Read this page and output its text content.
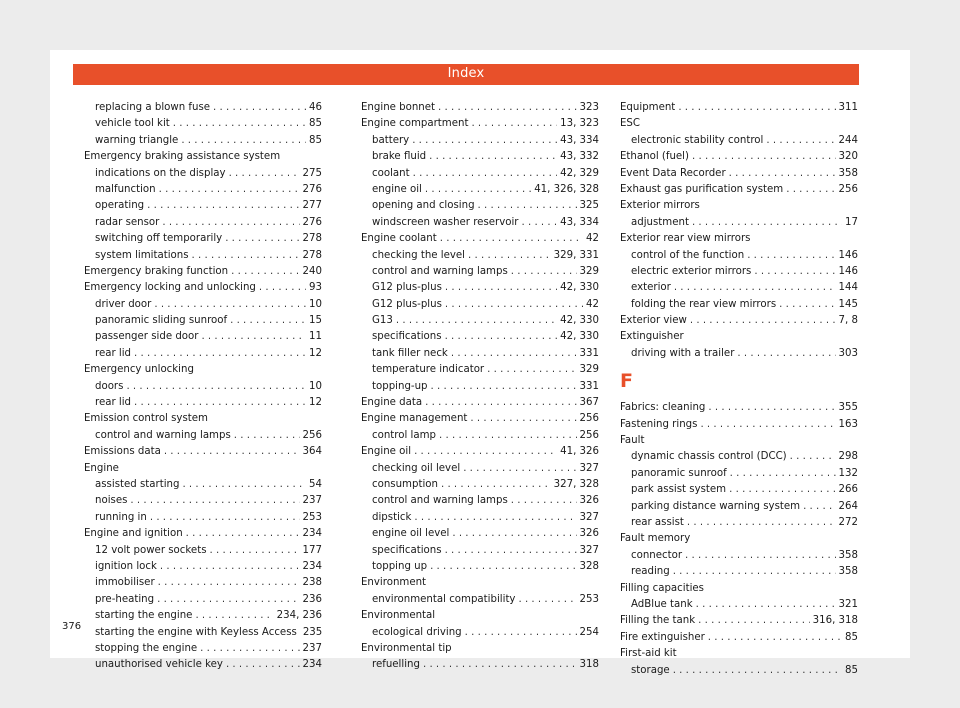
Index
replacing a blown fuse . . .	46
vehicle tool kit . . .	85
warning triangle . . .	85
Emergency braking assistance system
indications on the display . . .	275
malfunction . . .	276
operating . . .	277
radar sensor . . .	276
switching off temporarily . . .	278
system limitations . . .	278
Emergency braking function . . .	240
Emergency locking and unlocking . . .	93
driver door . . .	10
panoramic sliding sunroof . . .	15
passenger side door . . .	11
rear lid . . .	12
Emergency unlocking
doors . . .	10
rear lid . . .	12
Emission control system
control and warning lamps . . .	256
Emissions data . . .	364
Engine
assisted starting . . .	54
noises . . .	237
running in . . .	253
Engine and ignition . . .	234
12 volt power sockets . . .	177
ignition lock . . .	234
immobiliser . . .	238
pre-heating . . .	236
starting the engine . . .	234, 236
starting the engine with Keyless Access 235
stopping the engine . . .	237
unauthorised vehicle key . . .	234
Engine bonnet . . .	323
Engine compartment . . .	13, 323
battery . . .	43, 334
brake fluid . . .	43, 332
coolant . . .	42, 329
engine oil . . .	41, 326, 328
opening and closing . . .	325
windscreen washer reservoir . . .	43, 334
Engine coolant . . .	42
checking the level . . .	329, 331
control and warning lamps . . .	329
G12 plus-plus . . .	42, 330
G12 plus-plus . . .	42
G13 . . .	42, 330
specifications . . .	42, 330
tank filler neck . . .	331
temperature indicator . . .	329
topping-up . . .	331
Engine data . . .	367
Engine management . . .	256
control lamp . . .	256
Engine oil . . .	41, 326
checking oil level . . .	327
consumption . . .	327, 328
control and warning lamps . . .	326
dipstick . . .	327
engine oil level . . .	326
specifications . . .	327
topping up . . .	328
Environment
environmental compatibility . . .	253
Environmental
ecological driving . . .	254
Environmental tip
refuelling . . .	318
Equipment . . .	311
ESC
electronic stability control . . .	244
Ethanol (fuel) . . .	320
Event Data Recorder . . .	358
Exhaust gas purification system . . .	256
Exterior mirrors
adjustment . . .	17
Exterior rear view mirrors
control of the function . . .	146
electric exterior mirrors . . .	146
exterior . . .	144
folding the rear view mirrors . . .	145
Exterior view . . .	7, 8
Extinguisher
driving with a trailer . . .	303
F
Fabrics: cleaning . . .	355
Fastening rings . . .	163
Fault
dynamic chassis control (DCC) . . .	298
panoramic sunroof . . .	132
park assist system . . .	266
parking distance warning system . . .	264
rear assist . . .	272
Fault memory
connector . . .	358
reading . . .	358
Filling capacities
AdBlue tank . . .	321
Filling the tank . . .	316, 318
Fire extinguisher . . .	85
First-aid kit
storage . . .	85
376
